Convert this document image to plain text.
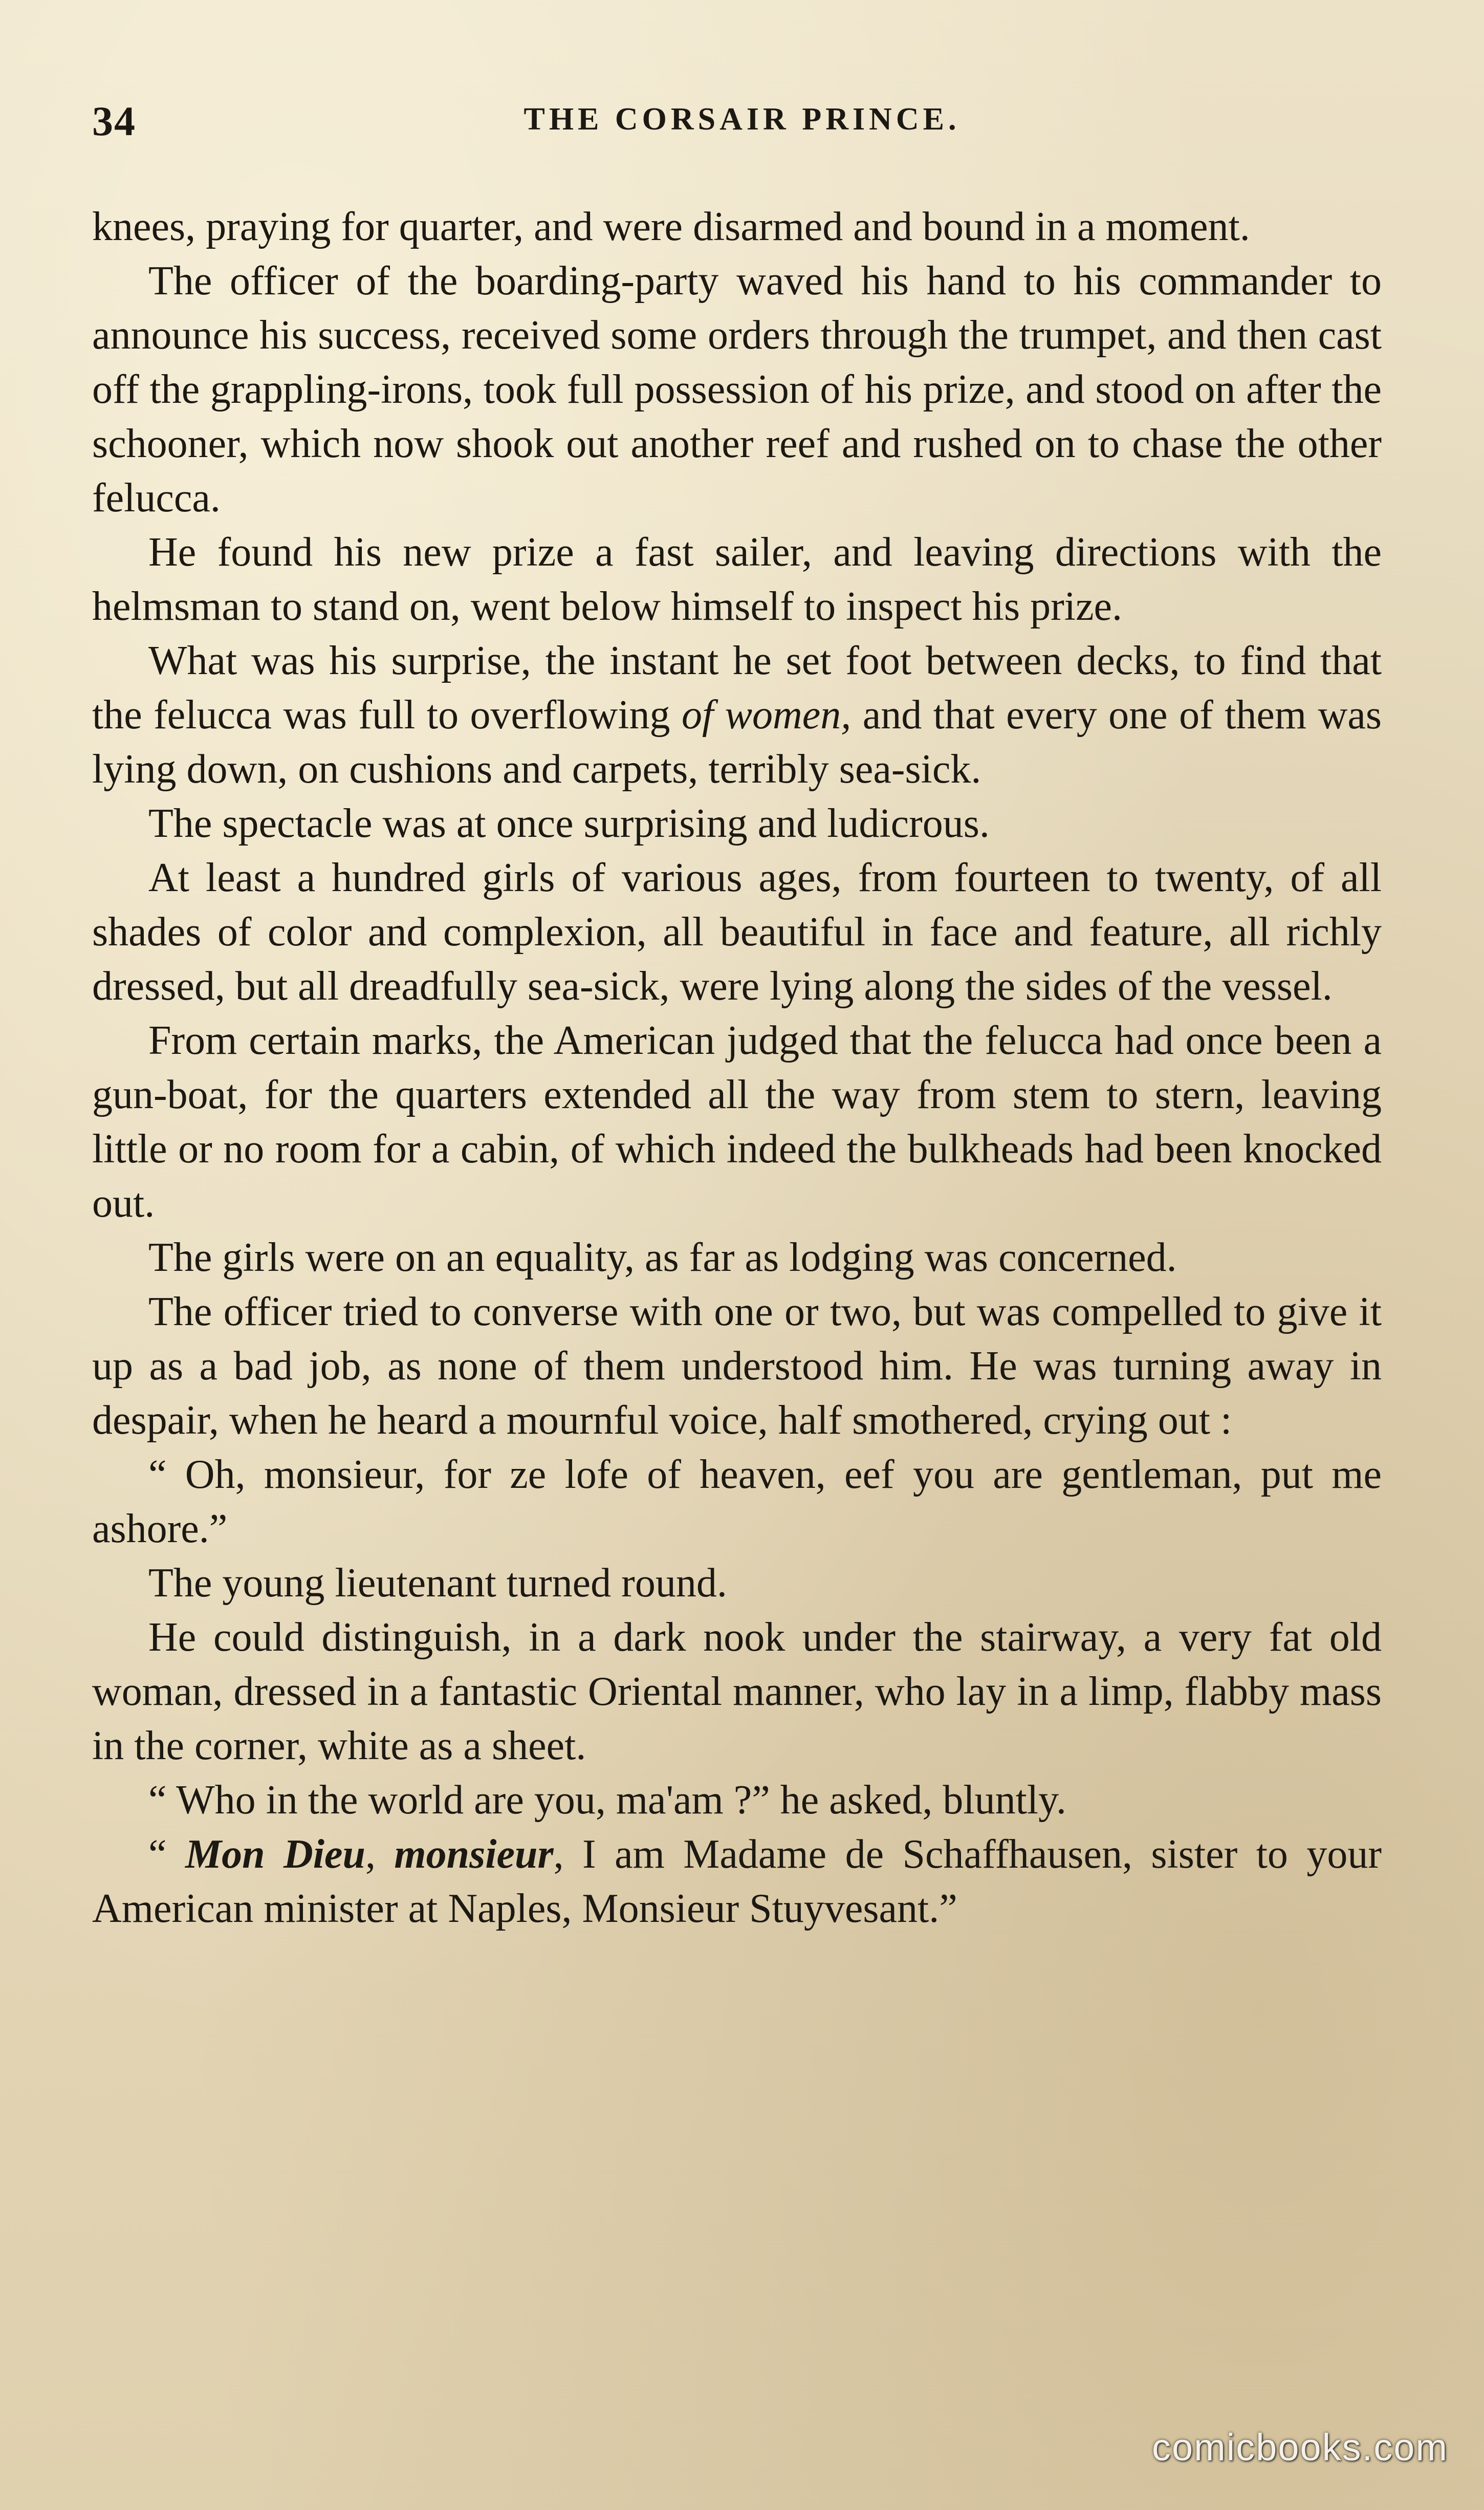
34	THE CORSAIR PRINCE.

knees, praying for quarter, and were disarmed and bound in a moment.

The officer of the boarding-party waved his hand to his commander to announce his success, received some orders through the trumpet, and then cast off the grappling-irons, took full possession of his prize, and stood on after the schooner, which now shook out another reef and rushed on to chase the other felucca.

He found his new prize a fast sailer, and leaving directions with the helmsman to stand on, went below himself to inspect his prize.

What was his surprise, the instant he set foot between decks, to find that the felucca was full to overflowing of women, and that every one of them was lying down, on cushions and carpets, terribly sea-sick.

The spectacle was at once surprising and ludicrous.

At least a hundred girls of various ages, from fourteen to twenty, of all shades of color and complexion, all beautiful in face and feature, all richly dressed, but all dreadfully sea-sick, were lying along the sides of the vessel.

From certain marks, the American judged that the felucca had once been a gun-boat, for the quarters extended all the way from stem to stern, leaving little or no room for a cabin, of which indeed the bulkheads had been knocked out.

The girls were on an equality, as far as lodging was concerned.

The officer tried to converse with one or two, but was compelled to give it up as a bad job, as none of them understood him. He was turning away in despair, when he heard a mournful voice, half smothered, crying out :

“ Oh, monsieur, for ze lofe of heaven, eef you are gentleman, put me ashore.”

The young lieutenant turned round.

He could distinguish, in a dark nook under the stairway, a very fat old woman, dressed in a fantastic Oriental manner, who lay in a limp, flabby mass in the corner, white as a sheet.

“ Who in the world are you, ma'am ?” he asked, bluntly.

“ Mon Dieu, monsieur, I am Madame de Schaffhausen, sister to your American minister at Naples, Monsieur Stuyvesant.”

comicbooks.com
